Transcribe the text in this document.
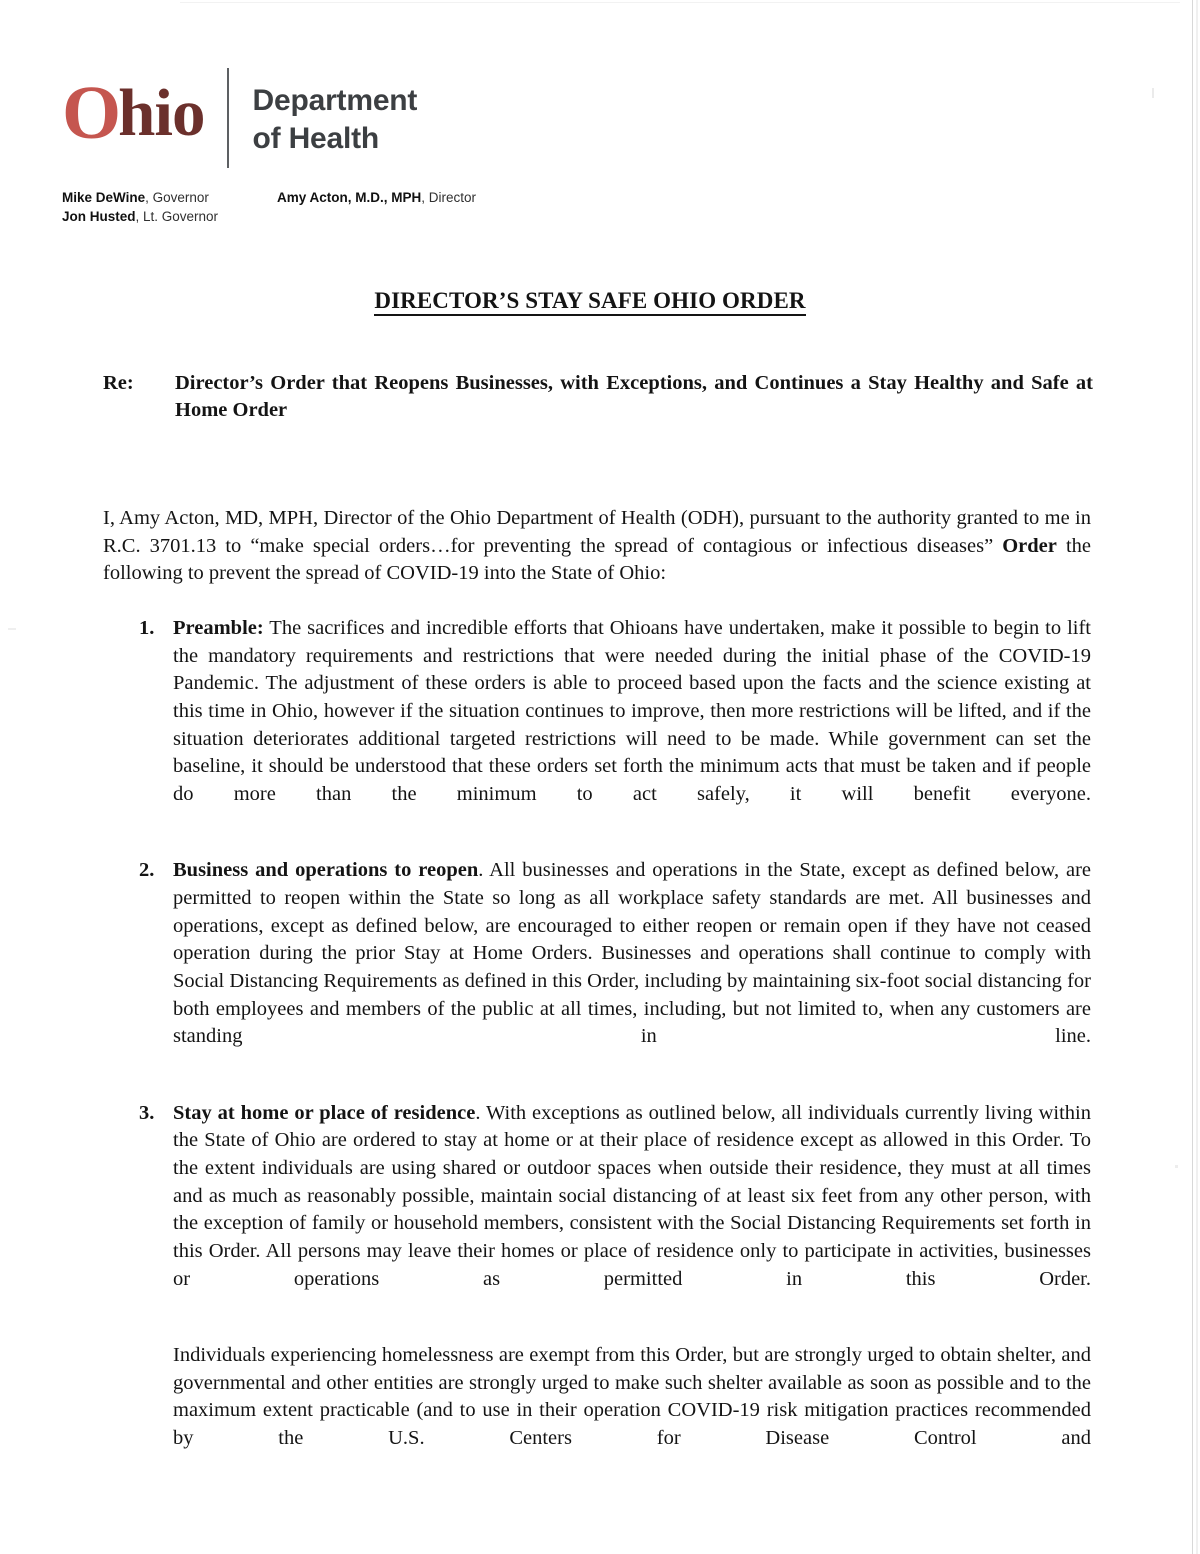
Ohio Department
of Health
Mike DeWine, Governor
Jon Husted, Lt. Governor
Amy Acton, M.D., MPH, Director
DIRECTOR’S STAY SAFE OHIO ORDER
Re:	Director’s Order that Reopens Businesses, with Exceptions, and Continues a Stay Healthy and Safe at Home Order
I, Amy Acton, MD, MPH, Director of the Ohio Department of Health (ODH), pursuant to the authority granted to me in R.C. 3701.13 to “make special orders…for preventing the spread of contagious or infectious diseases” Order the following to prevent the spread of COVID-19 into the State of Ohio:
1. Preamble: The sacrifices and incredible efforts that Ohioans have undertaken, make it possible to begin to lift the mandatory requirements and restrictions that were needed during the initial phase of the COVID-19 Pandemic. The adjustment of these orders is able to proceed based upon the facts and the science existing at this time in Ohio, however if the situation continues to improve, then more restrictions will be lifted, and if the situation deteriorates additional targeted restrictions will need to be made. While government can set the baseline, it should be understood that these orders set forth the minimum acts that must be taken and if people do more than the minimum to act safely, it will benefit everyone.

2. Business and operations to reopen. All businesses and operations in the State, except as defined below, are permitted to reopen within the State so long as all workplace safety standards are met. All businesses and operations, except as defined below, are encouraged to either reopen or remain open if they have not ceased operation during the prior Stay at Home Orders. Businesses and operations shall continue to comply with Social Distancing Requirements as defined in this Order, including by maintaining six-foot social distancing for both employees and members of the public at all times, including, but not limited to, when any customers are standing in line.

3. Stay at home or place of residence. With exceptions as outlined below, all individuals currently living within the State of Ohio are ordered to stay at home or at their place of residence except as allowed in this Order. To the extent individuals are using shared or outdoor spaces when outside their residence, they must at all times and as much as reasonably possible, maintain social distancing of at least six feet from any other person, with the exception of family or household members, consistent with the Social Distancing Requirements set forth in this Order. All persons may leave their homes or place of residence only to participate in activities, businesses or operations as permitted in this Order.

Individuals experiencing homelessness are exempt from this Order, but are strongly urged to obtain shelter, and governmental and other entities are strongly urged to make such shelter available as soon as possible and to the maximum extent practicable (and to use in their operation COVID-19 risk mitigation practices recommended by the U.S. Centers for Disease Control and
